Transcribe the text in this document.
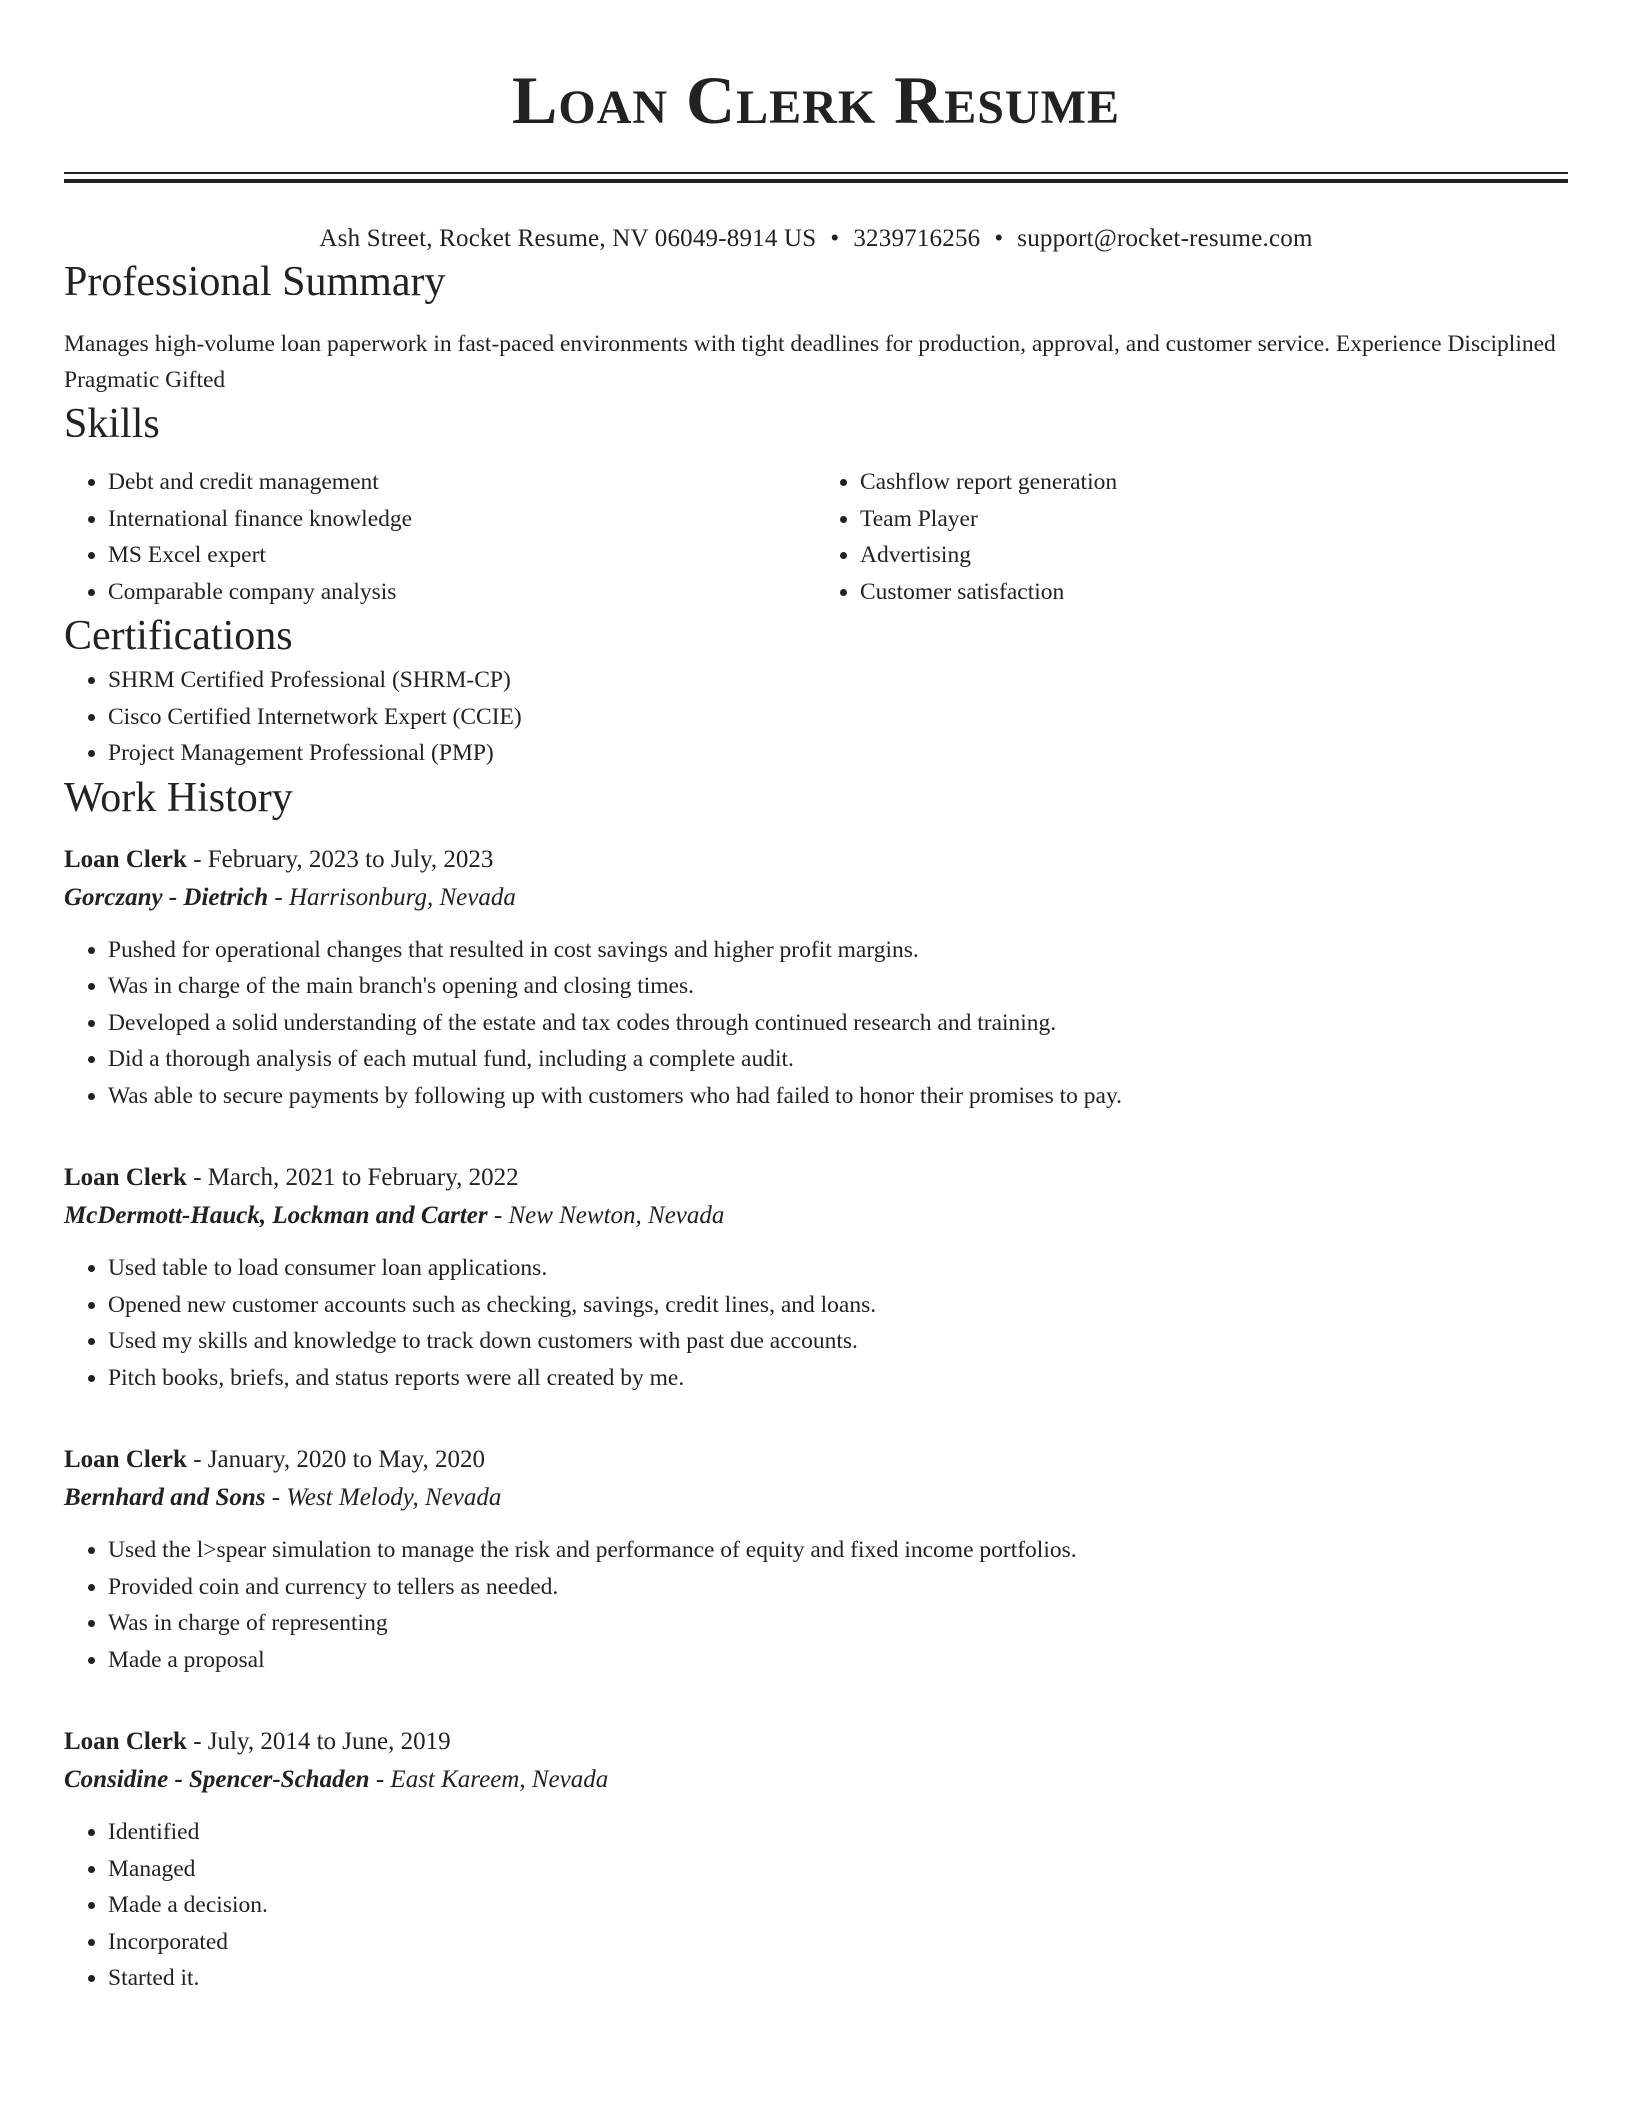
Loan Clerk Resume
Ash Street, Rocket Resume, NV 06049-8914 US • 3239716256 • support@rocket-resume.com
Professional Summary
Manages high-volume loan paperwork in fast-paced environments with tight deadlines for production, approval, and customer service. Experience Disciplined Pragmatic Gifted
Skills
• Debt and credit management
• International finance knowledge
• MS Excel expert
• Comparable company analysis
• Cashflow report generation
• Team Player
• Advertising
• Customer satisfaction
Certifications
• SHRM Certified Professional (SHRM-CP)
• Cisco Certified Internetwork Expert (CCIE)
• Project Management Professional (PMP)
Work History
Loan Clerk - February, 2023 to July, 2023
Gorczany - Dietrich - Harrisonburg, Nevada
• Pushed for operational changes that resulted in cost savings and higher profit margins.
• Was in charge of the main branch's opening and closing times.
• Developed a solid understanding of the estate and tax codes through continued research and training.
• Did a thorough analysis of each mutual fund, including a complete audit.
• Was able to secure payments by following up with customers who had failed to honor their promises to pay.
Loan Clerk - March, 2021 to February, 2022
McDermott-Hauck, Lockman and Carter - New Newton, Nevada
• Used table to load consumer loan applications.
• Opened new customer accounts such as checking, savings, credit lines, and loans.
• Used my skills and knowledge to track down customers with past due accounts.
• Pitch books, briefs, and status reports were all created by me.
Loan Clerk - January, 2020 to May, 2020
Bernhard and Sons - West Melody, Nevada
• Used the l>spear simulation to manage the risk and performance of equity and fixed income portfolios.
• Provided coin and currency to tellers as needed.
• Was in charge of representing
• Made a proposal
Loan Clerk - July, 2014 to June, 2019
Considine - Spencer-Schaden - East Kareem, Nevada
• Identified
• Managed
• Made a decision.
• Incorporated
• Started it.
